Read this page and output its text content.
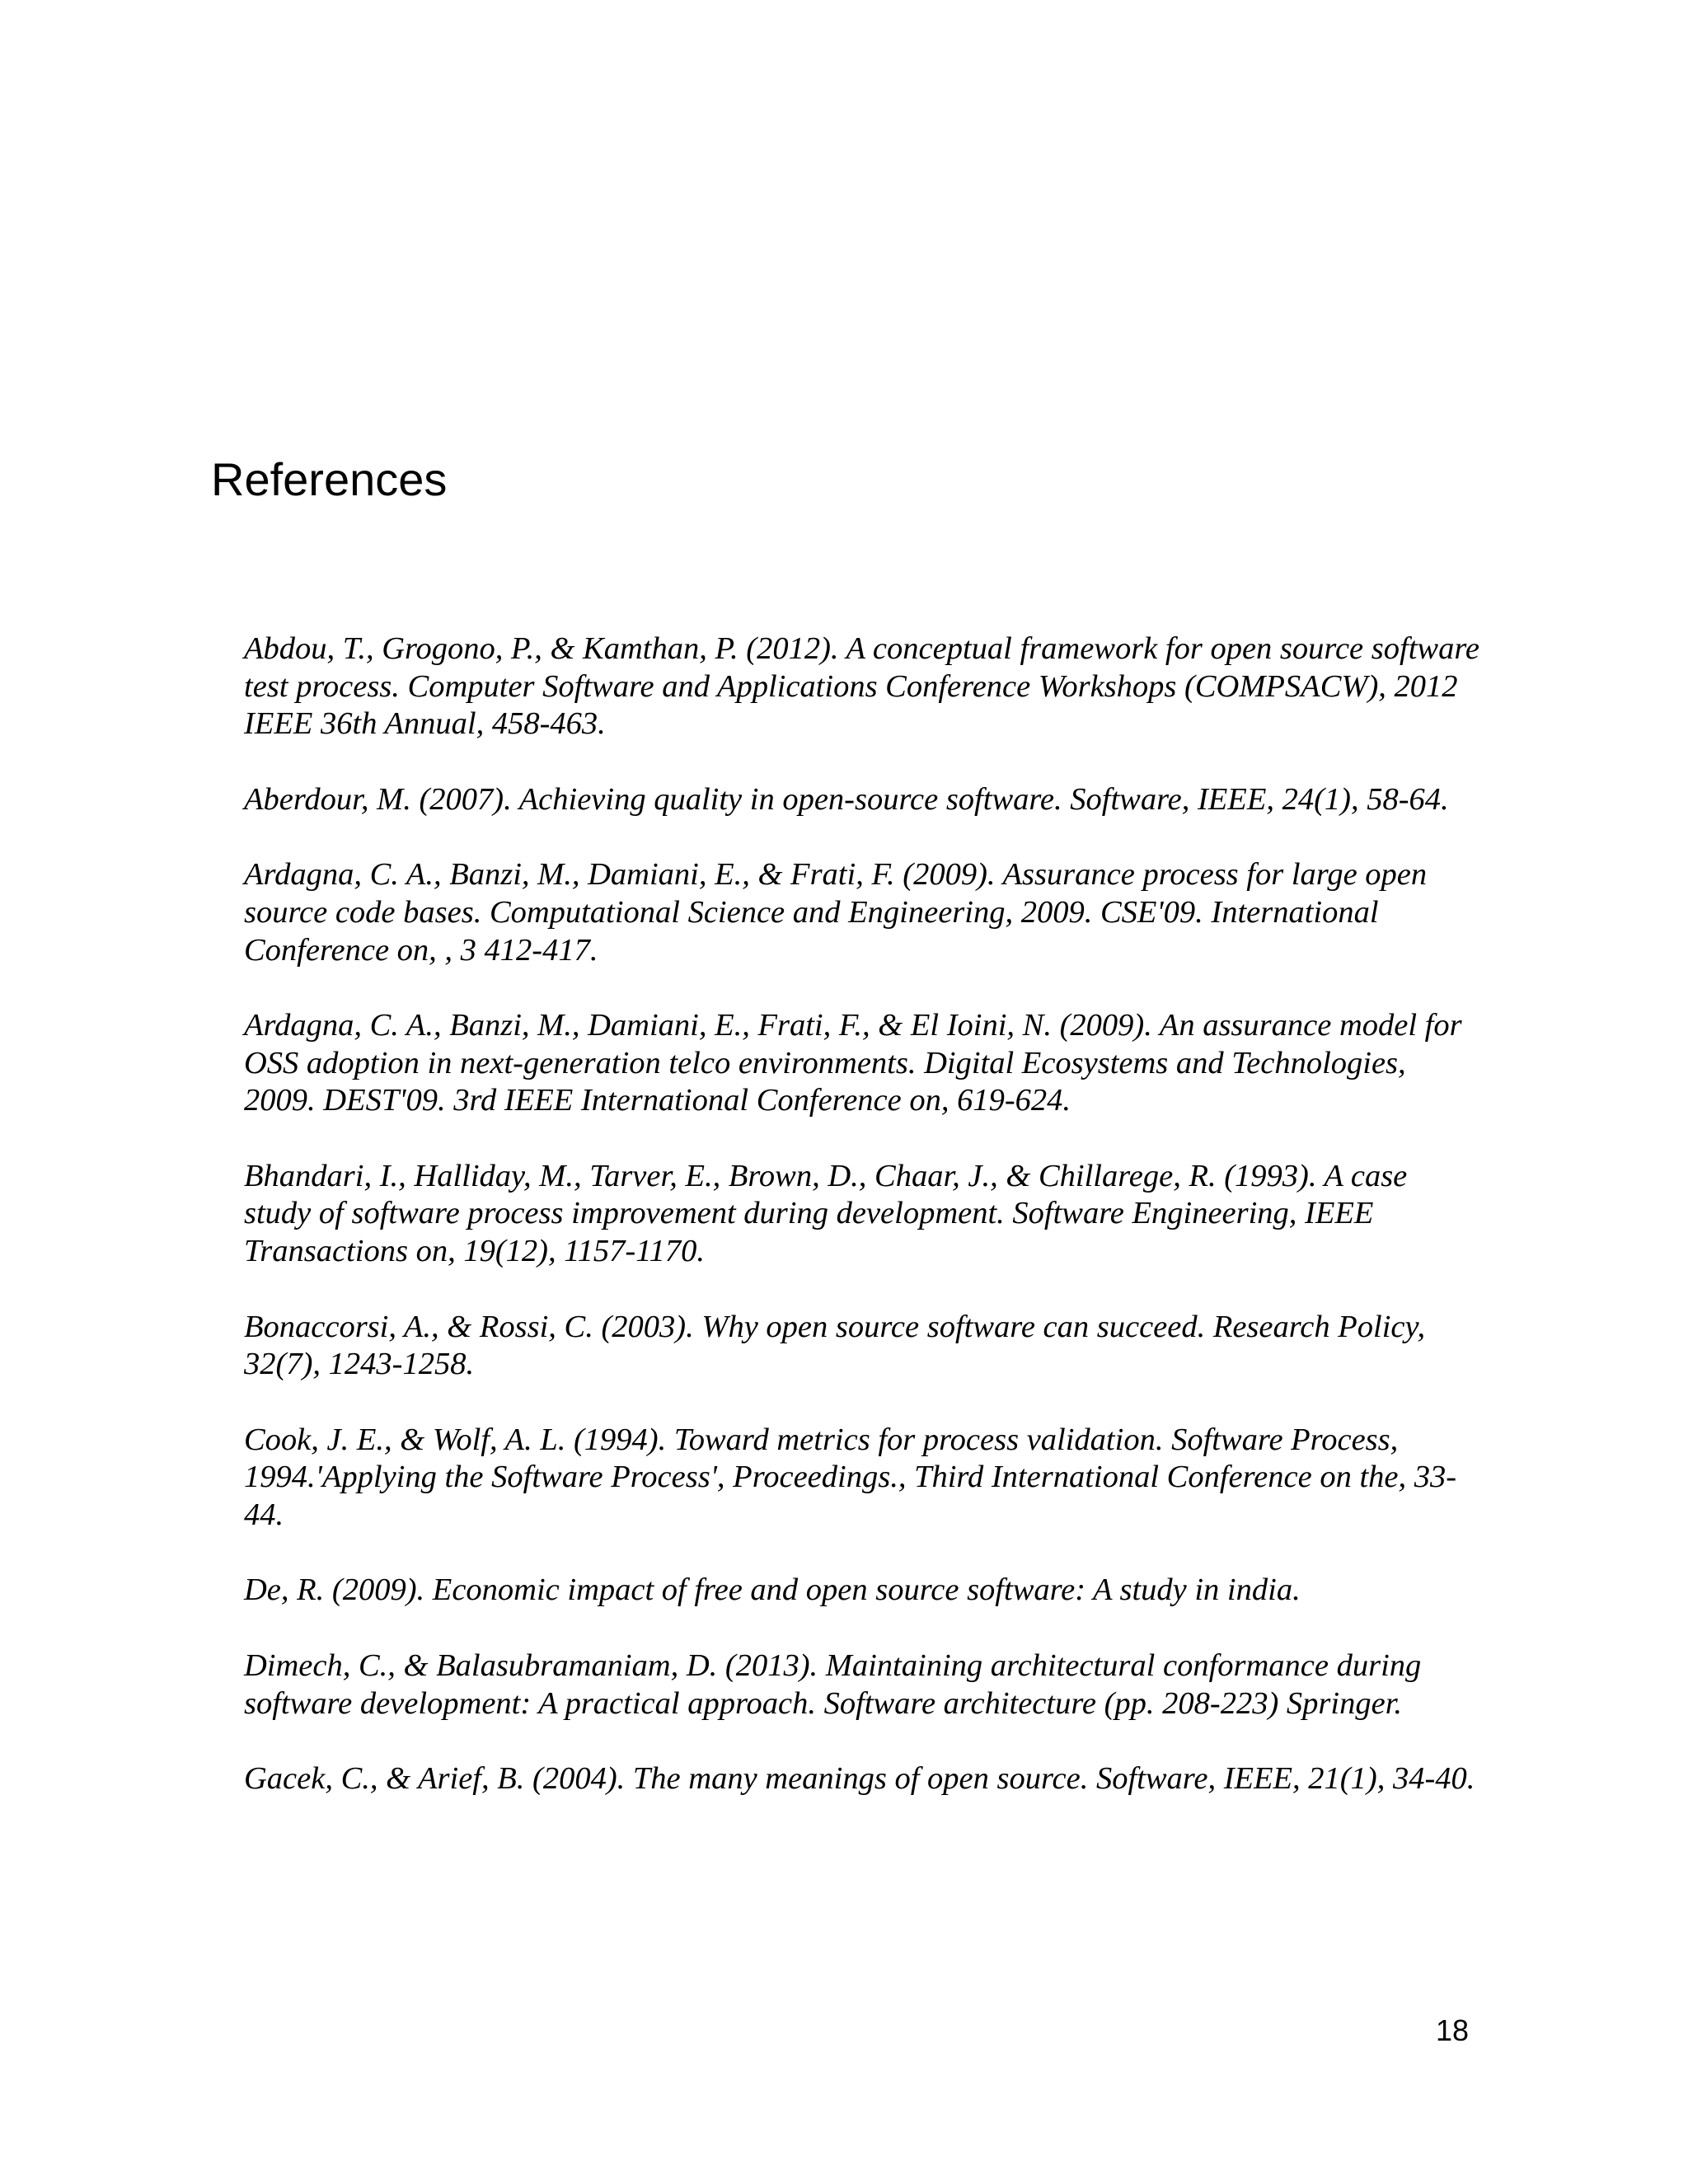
References
Abdou, T., Grogono, P., & Kamthan, P. (2012). A conceptual framework for open source software test process. Computer Software and Applications Conference Workshops (COMPSACW), 2012 IEEE 36th Annual, 458-463.
Aberdour, M. (2007). Achieving quality in open-source software. Software, IEEE, 24(1), 58-64.
Ardagna, C. A., Banzi, M., Damiani, E., & Frati, F. (2009). Assurance process for large open source code bases. Computational Science and Engineering, 2009. CSE'09. International Conference on, , 3 412-417.
Ardagna, C. A., Banzi, M., Damiani, E., Frati, F., & El Ioini, N. (2009). An assurance model for OSS adoption in next-generation telco environments. Digital Ecosystems and Technologies, 2009. DEST'09. 3rd IEEE International Conference on, 619-624.
Bhandari, I., Halliday, M., Tarver, E., Brown, D., Chaar, J., & Chillarege, R. (1993). A case study of software process improvement during development. Software Engineering, IEEE Transactions on, 19(12), 1157-1170.
Bonaccorsi, A., & Rossi, C. (2003). Why open source software can succeed. Research Policy, 32(7), 1243-1258.
Cook, J. E., & Wolf, A. L. (1994). Toward metrics for process validation. Software Process, 1994.'Applying the Software Process', Proceedings., Third International Conference on the, 33-44.
De, R. (2009). Economic impact of free and open source software: A study in india.
Dimech, C., & Balasubramaniam, D. (2013). Maintaining architectural conformance during software development: A practical approach. Software architecture (pp. 208-223) Springer.
Gacek, C., & Arief, B. (2004). The many meanings of open source. Software, IEEE, 21(1), 34-40.
18
